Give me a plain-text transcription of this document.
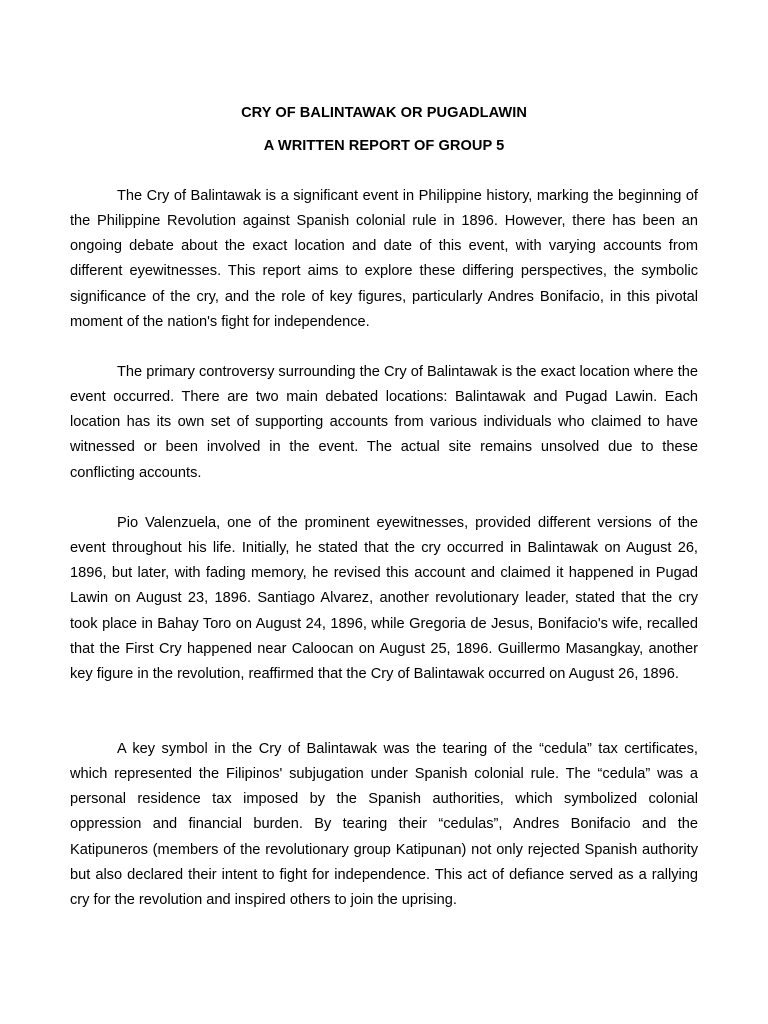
CRY OF BALINTAWAK OR PUGADLAWIN
A WRITTEN REPORT OF GROUP 5

The Cry of Balintawak is a significant event in Philippine history, marking the beginning of the Philippine Revolution against Spanish colonial rule in 1896. However, there has been an ongoing debate about the exact location and date of this event, with varying accounts from different eyewitnesses. This report aims to explore these differing perspectives, the symbolic significance of the cry, and the role of key figures, particularly Andres Bonifacio, in this pivotal moment of the nation's fight for independence.

The primary controversy surrounding the Cry of Balintawak is the exact location where the event occurred. There are two main debated locations: Balintawak and Pugad Lawin. Each location has its own set of supporting accounts from various individuals who claimed to have witnessed or been involved in the event. The actual site remains unsolved due to these conflicting accounts.

Pio Valenzuela, one of the prominent eyewitnesses, provided different versions of the event throughout his life. Initially, he stated that the cry occurred in Balintawak on August 26, 1896, but later, with fading memory, he revised this account and claimed it happened in Pugad Lawin on August 23, 1896. Santiago Alvarez, another revolutionary leader, stated that the cry took place in Bahay Toro on August 24, 1896, while Gregoria de Jesus, Bonifacio's wife, recalled that the First Cry happened near Caloocan on August 25, 1896. Guillermo Masangkay, another key figure in the revolution, reaffirmed that the Cry of Balintawak occurred on August 26, 1896.

A key symbol in the Cry of Balintawak was the tearing of the “cedula” tax certificates, which represented the Filipinos' subjugation under Spanish colonial rule. The “cedula” was a personal residence tax imposed by the Spanish authorities, which symbolized colonial oppression and financial burden. By tearing their “cedulas”, Andres Bonifacio and the Katipuneros (members of the revolutionary group Katipunan) not only rejected Spanish authority but also declared their intent to fight for independence. This act of defiance served as a rallying cry for the revolution and inspired others to join the uprising.
